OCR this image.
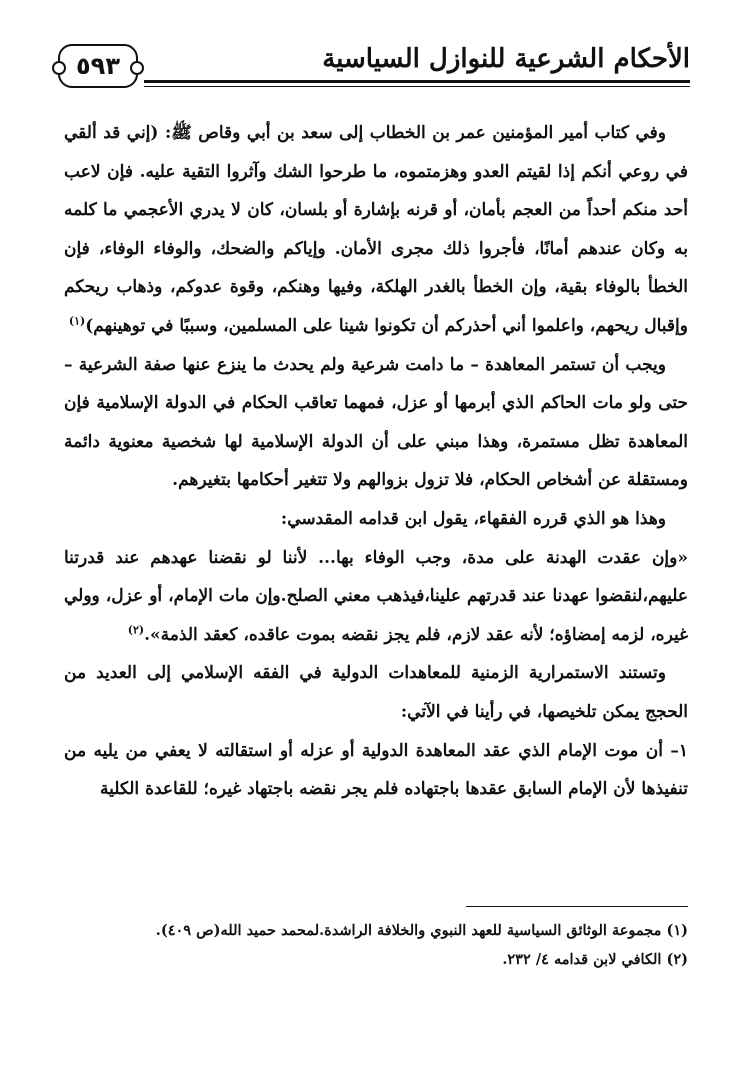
٥٩٣	الأحكام الشرعية للنوازل السياسية

وفي كتاب أمير المؤمنين عمر بن الخطاب إلى سعد بن أبي وقاص ﷺ: (إني قد ألقي في روعي أنكم إذا لقيتم العدو وهزمتموه، ما طرحوا الشك وآثروا التقية عليه. فإن لاعب أحد منكم أحداً من العجم بأمان، أو قرنه بإشارة أو بلسان، كان لا يدري الأعجمي ما كلمه به وكان عندهم أمانًا، فأجروا ذلك مجرى الأمان. وإياكم والضحك، والوفاء الوفاء، فإن الخطأ بالوفاء بقية، وإن الخطأ بالغدر الهلكة، وفيها وهنكم، وقوة عدوكم، وذهاب ريحكم وإقبال ريحهم، واعلموا أني أحذركم أن تكونوا شينا على المسلمين، وسببًا في توهينهم)$^{(١)}$

ويجب أن تستمر المعاهدة – ما دامت شرعية ولم يحدث ما ينزع عنها صفة الشرعية – حتى ولو مات الحاكم الذي أبرمها أو عزل، فمهما تعاقب الحكام في الدولة الإسلامية فإن المعاهدة تظل مستمرة، وهذا مبني على أن الدولة الإسلامية لها شخصية معنوية دائمة ومستقلة عن أشخاص الحكام، فلا تزول بزوالهم ولا تتغير أحكامها بتغيرهم.

وهذا هو الذي قرره الفقهاء، يقول ابن قدامه المقدسي:

«وإن عقدت الهدنة على مدة، وجب الوفاء بها... لأننا لو نقضنا عهدهم عند قدرتنا عليهم،لنقضوا عهدنا عند قدرتهم علينا،فيذهب معني الصلح.وإن مات الإمام، أو عزل، وولي غيره، لزمه إمضاؤه؛ لأنه عقد لازم، فلم يجز نقضه بموت عاقده، كعقد الذمة».$^{(٢)}$

وتستند الاستمرارية الزمنية للمعاهدات الدولية في الفقه الإسلامي إلى العديد من الحجج يمكن تلخيصها، في رأينا في الآتي:

١– أن موت الإمام الذي عقد المعاهدة الدولية أو عزله أو استقالته لا يعفي من يليه من تنفيذها لأن الإمام السابق عقدها باجتهاده فلم يجر نقضه باجتهاد غيره؛ للقاعدة الكلية

(١) مجموعة الوثائق السياسية للعهد النبوي والخلافة الراشدة.لمحمد حميد الله(ص ٤٠٩).

(٢) الكافي لابن قدامه ٤/ ٢٣٢.
